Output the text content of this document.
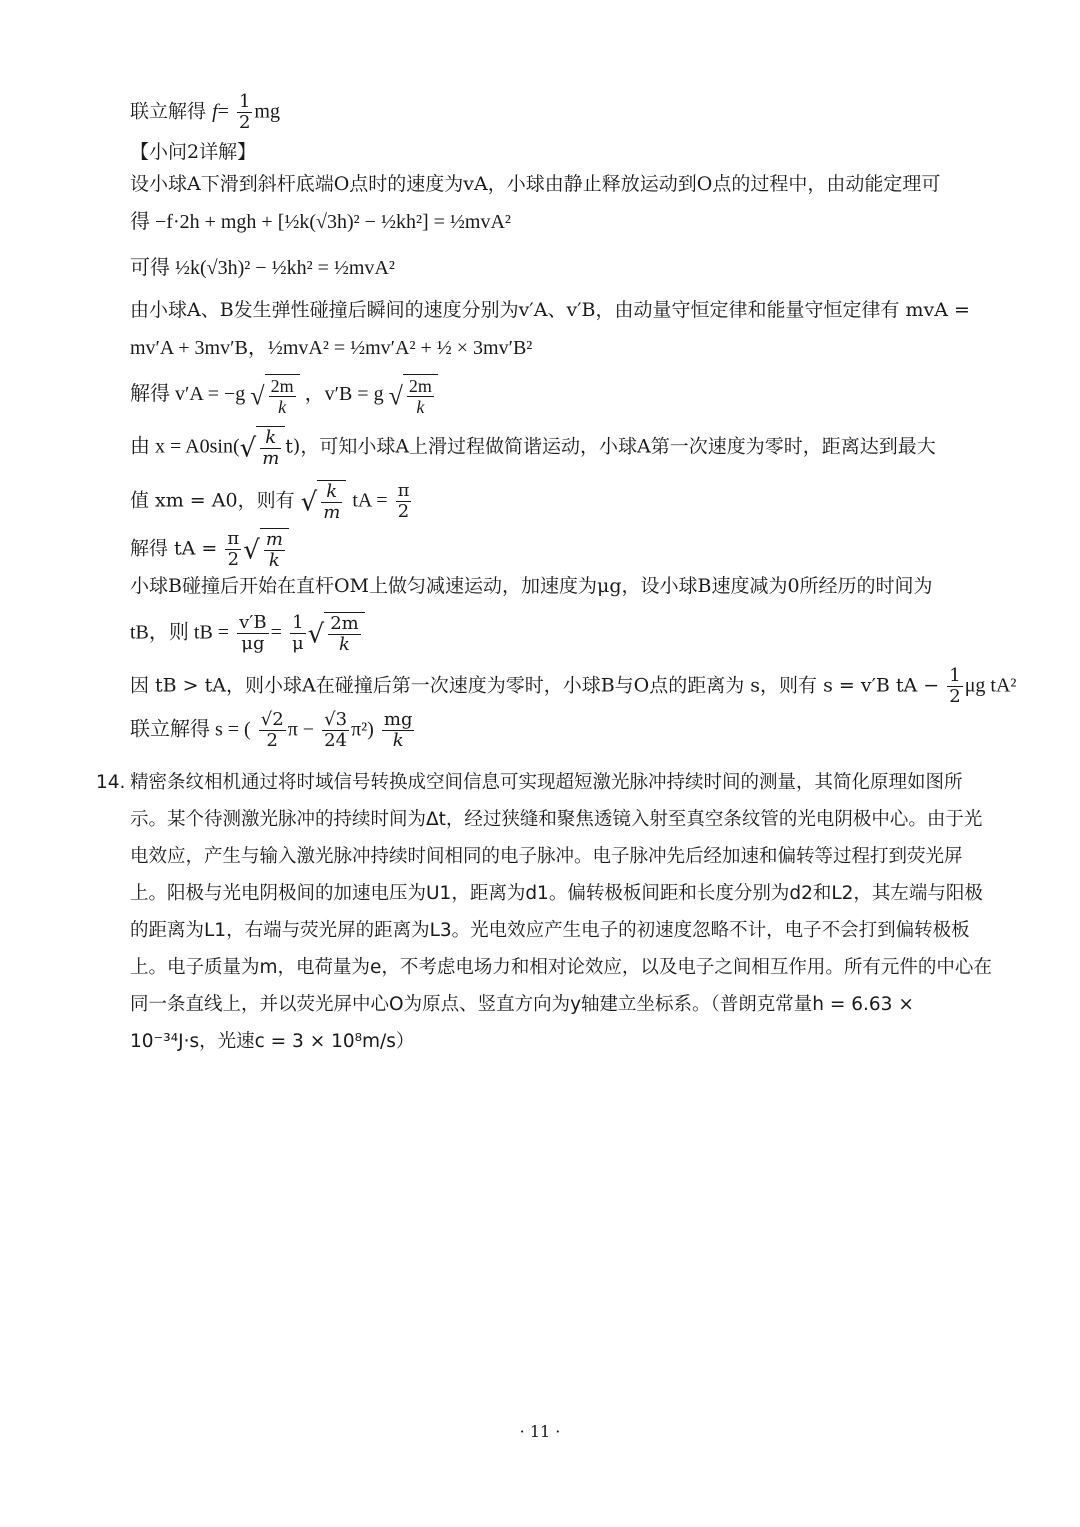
联立解得 $f= \frac{1}{2}$ mg
【小问2详解】
设小球A下滑到斜杆底端O点时的速度为vA，小球由静止释放运动到O点的过程中，由动能定理可
得 −f·2h + mgh + [½k(√3h)² − ½kh²] = ½mvA²
可得 ½k(√3h)² − ½kh² = ½mvA²
由小球A、B发生弹性碰撞后瞬间的速度分别为v′A、v′B，由动量守恒定律和能量守恒定律有 mvA =
mv′A + 3mv′B，½mvA² = ½mv′A² + ½ × 3mv′B²
解得 v′A = −g √ $\frac{2m}{k}$ ，v′B = g √ $\frac{2m}{k}$
由 $x = A0\sin(√ \frac{k}{m} t)$，可知小球A上滑过程做简谐运动，小球A第一次速度为零时，距离达到最大
值 xm = A0，则有 √ $\frac{k}{m}$ tA = $\frac{\pi}{2}$
解得 tA = $\frac{\pi}{2}$ √ $\frac{m}{k}$
小球B碰撞后开始在直杆OM上做匀减速运动，加速度为μg，设小球B速度减为0所经历的时间为
tB，则 tB = $\frac{v'B}{\mu g} = \frac{1}{\mu}$ √ $\frac{2m}{k}$
因 tB > tA，则小球A在碰撞后第一次速度为零时，小球B与O点的距离为 s，则有 s = v′B tA − $\frac{1}{2}$ μg tA²
联立解得 s = ( $\frac{√2}{2}$ $\pi - \frac{√3}{24} \pi^2) \frac{mg}{k}$
14. 精密条纹相机通过将时域信号转换成空间信息可实现超短激光脉冲持续时间的测量，其简化原理如图所示。某个待测激光脉冲的持续时间为Δt，经过狭缝和聚焦透镜入射至真空条纹管的光电阴极中心。由于光电效应，产生与输入激光脉冲持续时间相同的电子脉冲。电子脉冲先后经加速和偏转等过程打到荧光屏上。阳极与光电阴极间的加速电压为U1，距离为d1。偏转极板间距和长度分别为d2和L2，其左端与阳极的距离为L1，右端与荧光屏的距离为L3。光电效应产生电子的初速度忽略不计，电子不会打到偏转极板上。电子质量为m，电荷量为e，不考虑电场力和相对论效应，以及电子之间相互作用。所有元件的中心在同一条直线上，并以荧光屏中心O为原点、竖直方向为y轴建立坐标系。（普朗克常量h = 6.63 × 10⁻³⁴J·s，光速c = 3 × 10⁸m/s）
· 11 ·
